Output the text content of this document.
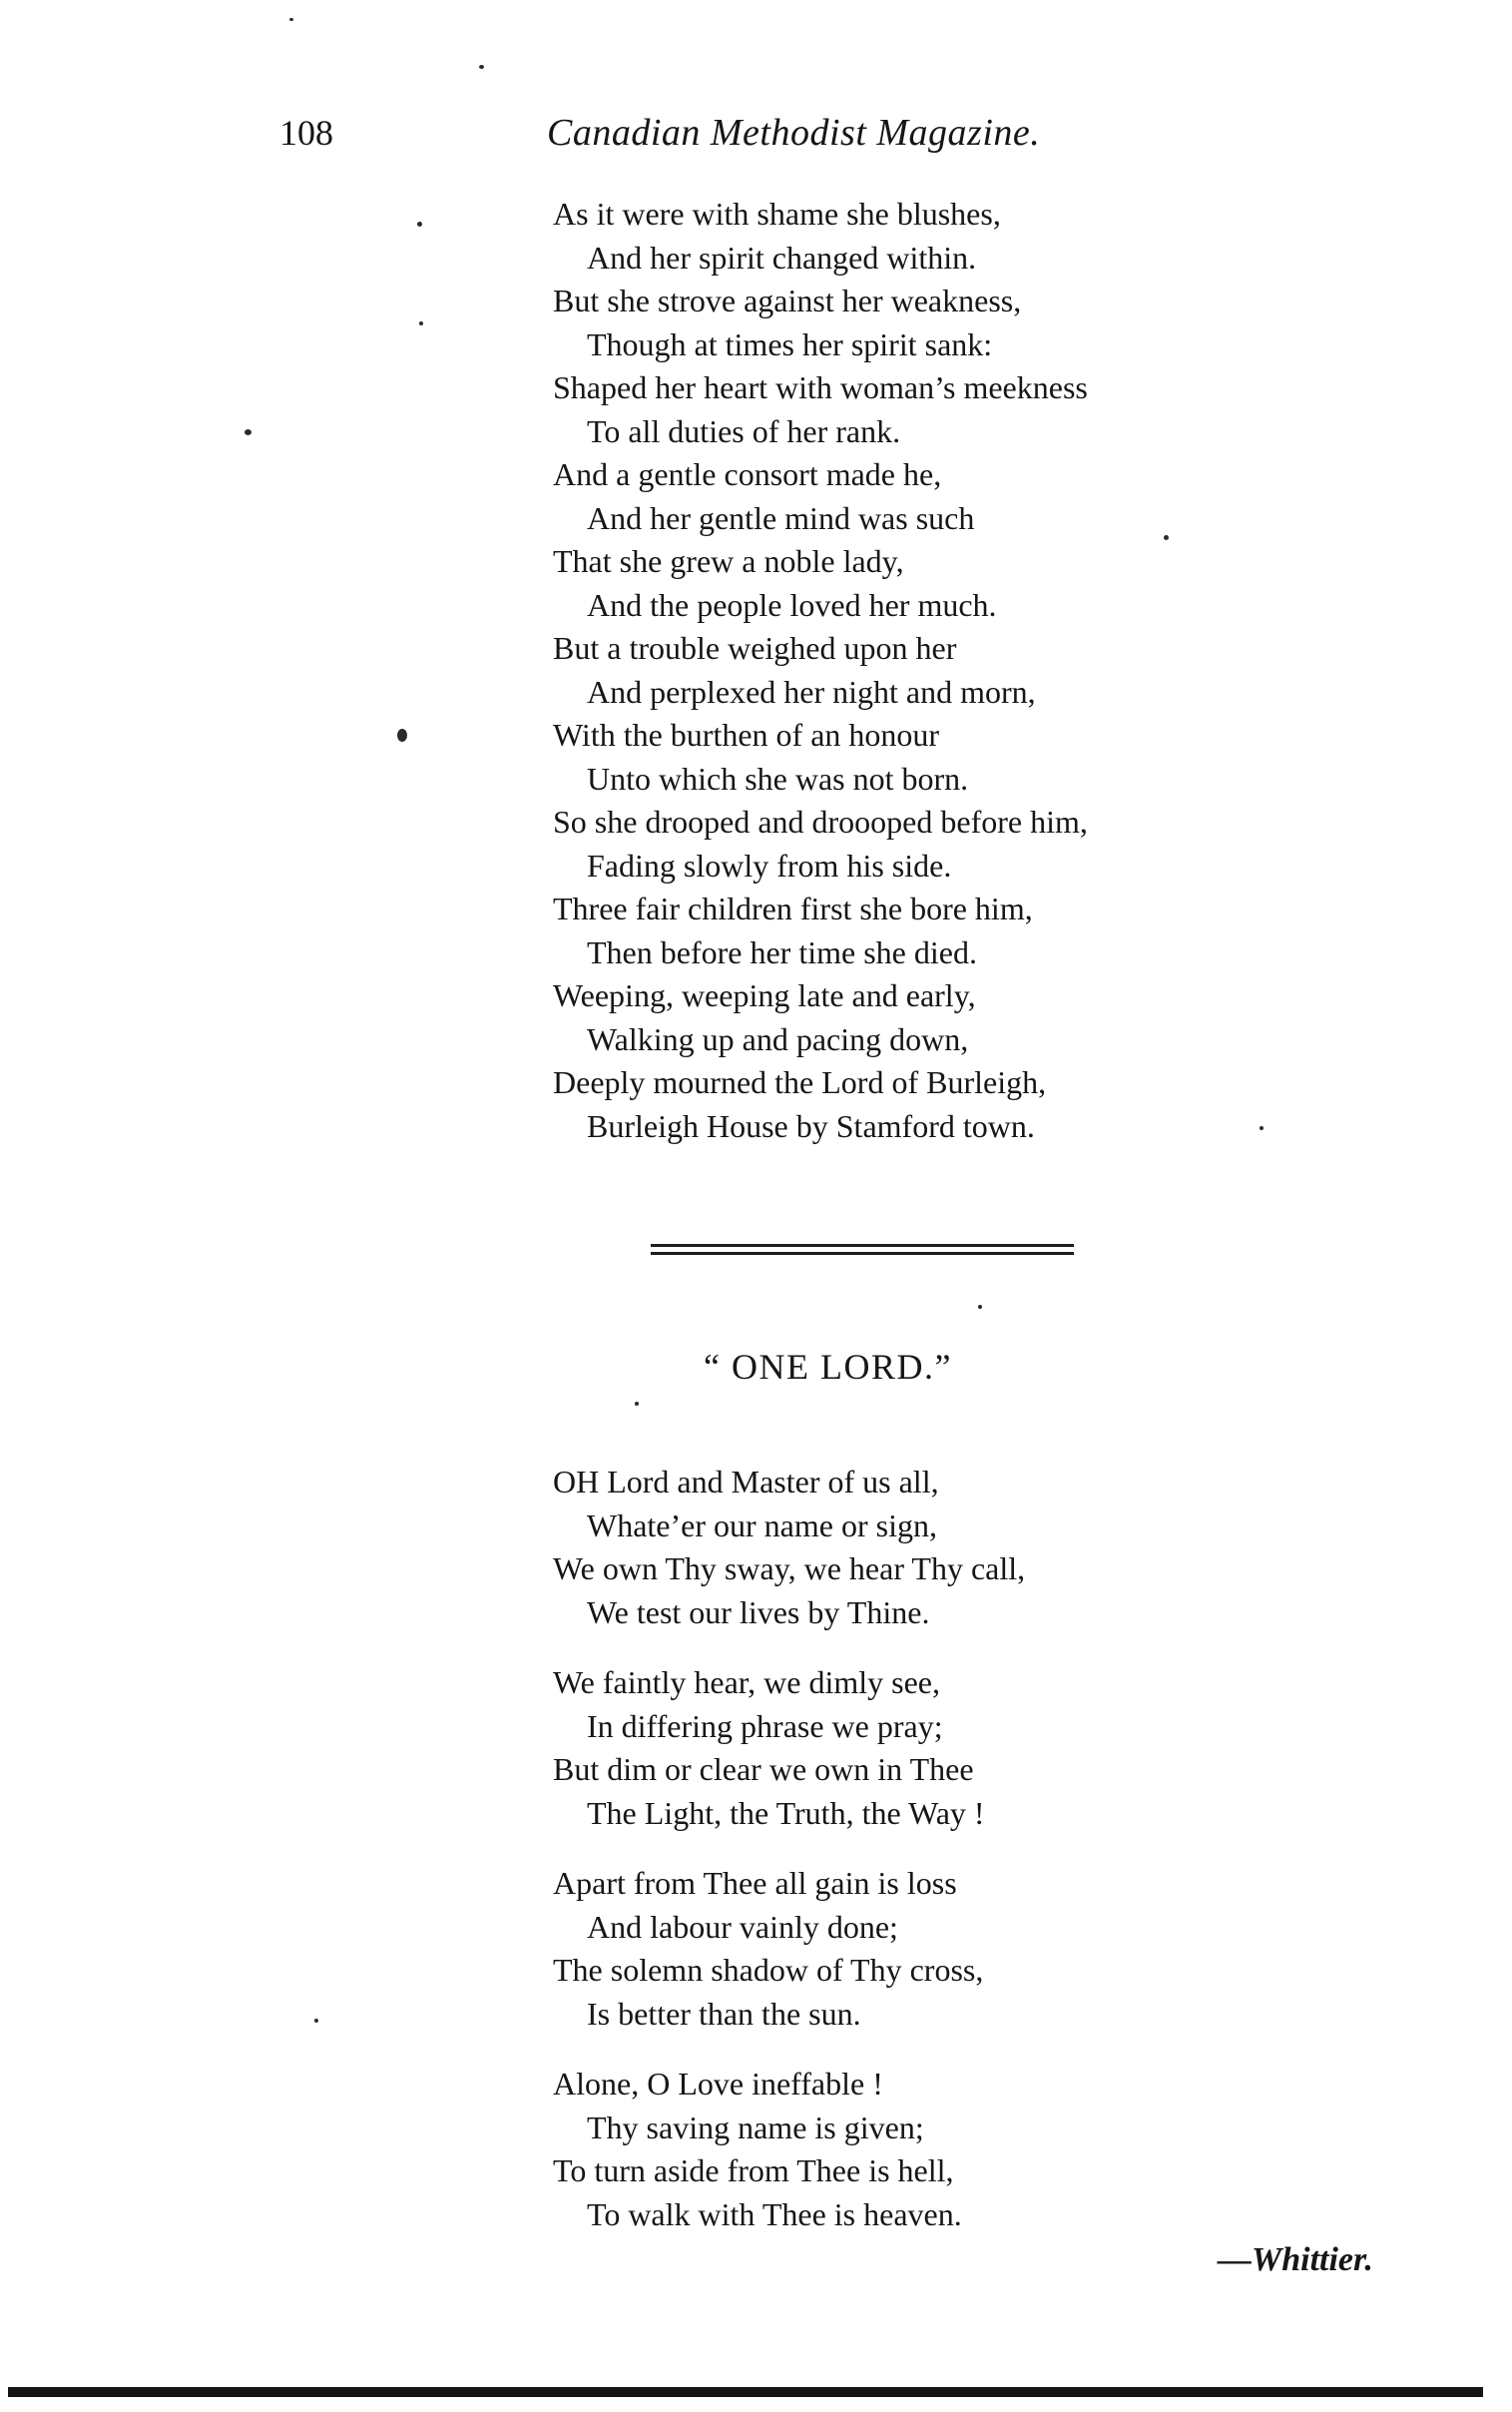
108	Canadian Methodist Magazine.
As it were with shame she blushes,
And her spirit changed within.
But she strove against her weakness,
Though at times her spirit sank:
Shaped her heart with woman’s meekness
To all duties of her rank.
And a gentle consort made he,
And her gentle mind was such
That she grew a noble lady,
And the people loved her much.
But a trouble weighed upon her
And perplexed her night and morn,
With the burthen of an honour
Unto which she was not born.
So she drooped and droooped before him,
Fading slowly from his side.
Three fair children first she bore him,
Then before her time she died.
Weeping, weeping late and early,
Walking up and pacing down,
Deeply mourned the Lord of Burleigh,
Burleigh House by Stamford town.
“ ONE LORD.”
OH Lord and Master of us all,
Whate’er our name or sign,
We own Thy sway, we hear Thy call,
We test our lives by Thine.
We faintly hear, we dimly see,
In differing phrase we pray;
But dim or clear we own in Thee
The Light, the Truth, the Way !
Apart from Thee all gain is loss
And labour vainly done;
The solemn shadow of Thy cross,
Is better than the sun.
Alone, O Love ineffable !
Thy saving name is given;
To turn aside from Thee is hell,
To walk with Thee is heaven.
—Whittier.
